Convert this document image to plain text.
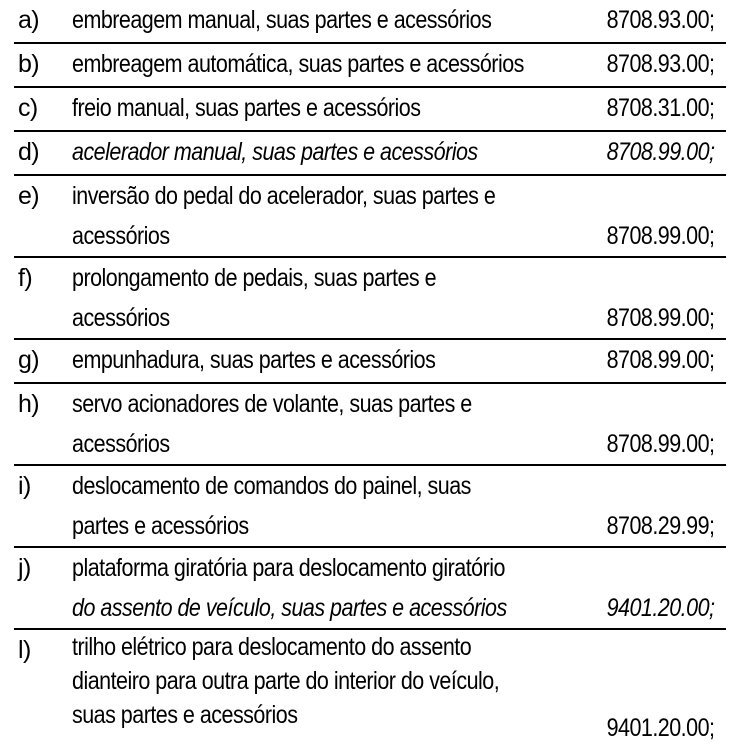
a) embreagem manual, suas partes e acessórios	8708.93.00;
b) embreagem automática, suas partes e acessórios	8708.93.00;
c) freio manual, suas partes e acessórios	8708.31.00;
d) acelerador manual, suas partes e acessórios	8708.99.00;
e) inversão do pedal do acelerador, suas partes e
acessórios	8708.99.00;
f) prolongamento de pedais, suas partes e
acessórios	8708.99.00;
g) empunhadura, suas partes e acessórios	8708.99.00;
h) servo acionadores de volante, suas partes e
acessórios	8708.99.00;
i) deslocamento de comandos do painel, suas
partes e acessórios	8708.29.99;
j) plataforma giratória para deslocamento giratório
do assento de veículo, suas partes e acessórios	9401.20.00;
l) trilho elétrico para deslocamento do assento
dianteiro para outra parte do interior do veículo,
suas partes e acessórios	9401.20.00;
